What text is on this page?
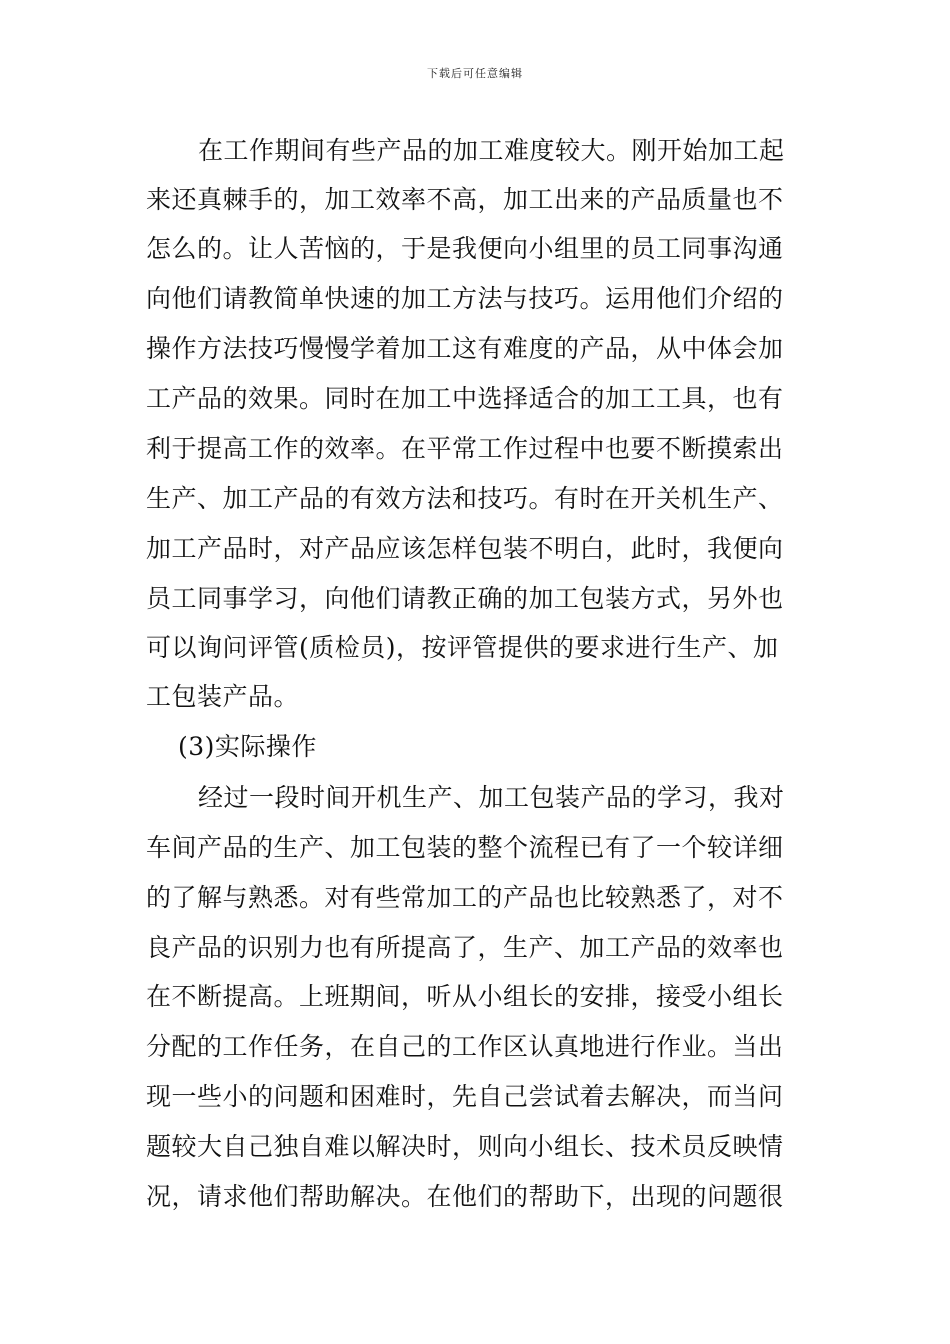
下载后可任意编辑
在工作期间有些产品的加工难度较大。刚开始加工起
来还真棘手的，加工效率不高，加工出来的产品质量也不
怎么的。让人苦恼的，于是我便向小组里的员工同事沟通
向他们请教简单快速的加工方法与技巧。运用他们介绍的
操作方法技巧慢慢学着加工这有难度的产品，从中体会加
工产品的效果。同时在加工中选择适合的加工工具，也有
利于提高工作的效率。在平常工作过程中也要不断摸索出
生产、加工产品的有效方法和技巧。有时在开关机生产、
加工产品时，对产品应该怎样包装不明白，此时，我便向
员工同事学习，向他们请教正确的加工包装方式，另外也
可以询问评管(质检员)，按评管提供的要求进行生产、加
工包装产品。
(3)实际操作
经过一段时间开机生产、加工包装产品的学习，我对
车间产品的生产、加工包装的整个流程已有了一个较详细
的了解与熟悉。对有些常加工的产品也比较熟悉了，对不
良产品的识别力也有所提高了，生产、加工产品的效率也
在不断提高。上班期间，听从小组长的安排，接受小组长
分配的工作任务，在自己的工作区认真地进行作业。当出
现一些小的问题和困难时，先自己尝试着去解决，而当问
题较大自己独自难以解决时，则向小组长、技术员反映情
况，请求他们帮助解决。在他们的帮助下，出现的问题很
